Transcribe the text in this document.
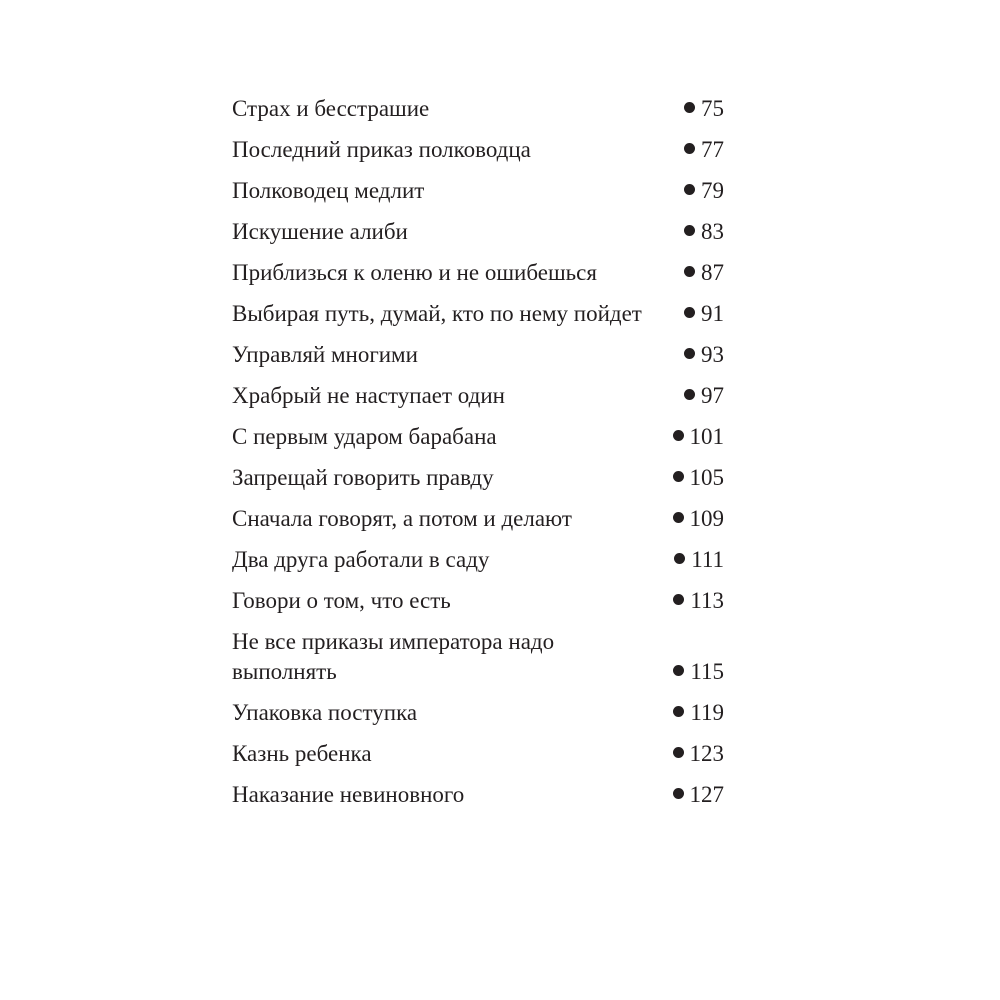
Страх и бесстрашие	75
Последний приказ полководца	77
Полководец медлит	79
Искушение алиби	83
Приблизься к оленю и не ошибешься	87
Выбирая путь, думай, кто по нему пойдет	91
Управляй многими	93
Храбрый не наступает один	97
С первым ударом барабана	101
Запрещай говорить правду	105
Сначала говорят, а потом и делают	109
Два друга работали в саду	111
Говори о том, что есть	113
Не все приказы императора надо выполнять	115
Упаковка поступка	119
Казнь ребенка	123
Наказание невиновного	127
